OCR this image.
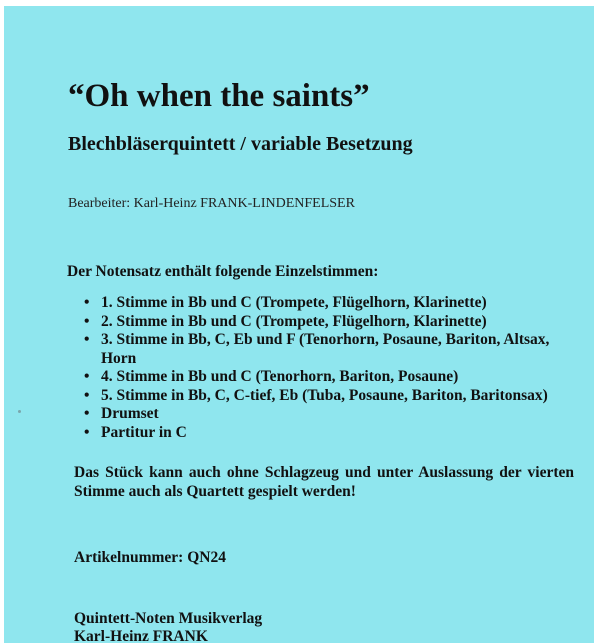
“Oh when the saints”
Blechbläserquintett / variable Besetzung
Bearbeiter: Karl-Heinz FRANK-LINDENFELSER
Der Notensatz enthält folgende Einzelstimmen:
• 1. Stimme in Bb und C (Trompete, Flügelhorn, Klarinette)
• 2. Stimme in Bb und C (Trompete, Flügelhorn, Klarinette)
• 3. Stimme in Bb, C, Eb und F (Tenorhorn, Posaune, Bariton, Altsax, Horn
• 4. Stimme in Bb und C (Tenorhorn, Bariton, Posaune)
• 5. Stimme in Bb, C, C-tief, Eb (Tuba, Posaune, Bariton, Baritonsax)
• Drumset
• Partitur in C
Das Stück kann auch ohne Schlagzeug und unter Auslassung der vierten Stimme auch als Quartett gespielt werden!
Artikelnummer: QN24
Quintett-Noten Musikverlag
Karl-Heinz FRANK
